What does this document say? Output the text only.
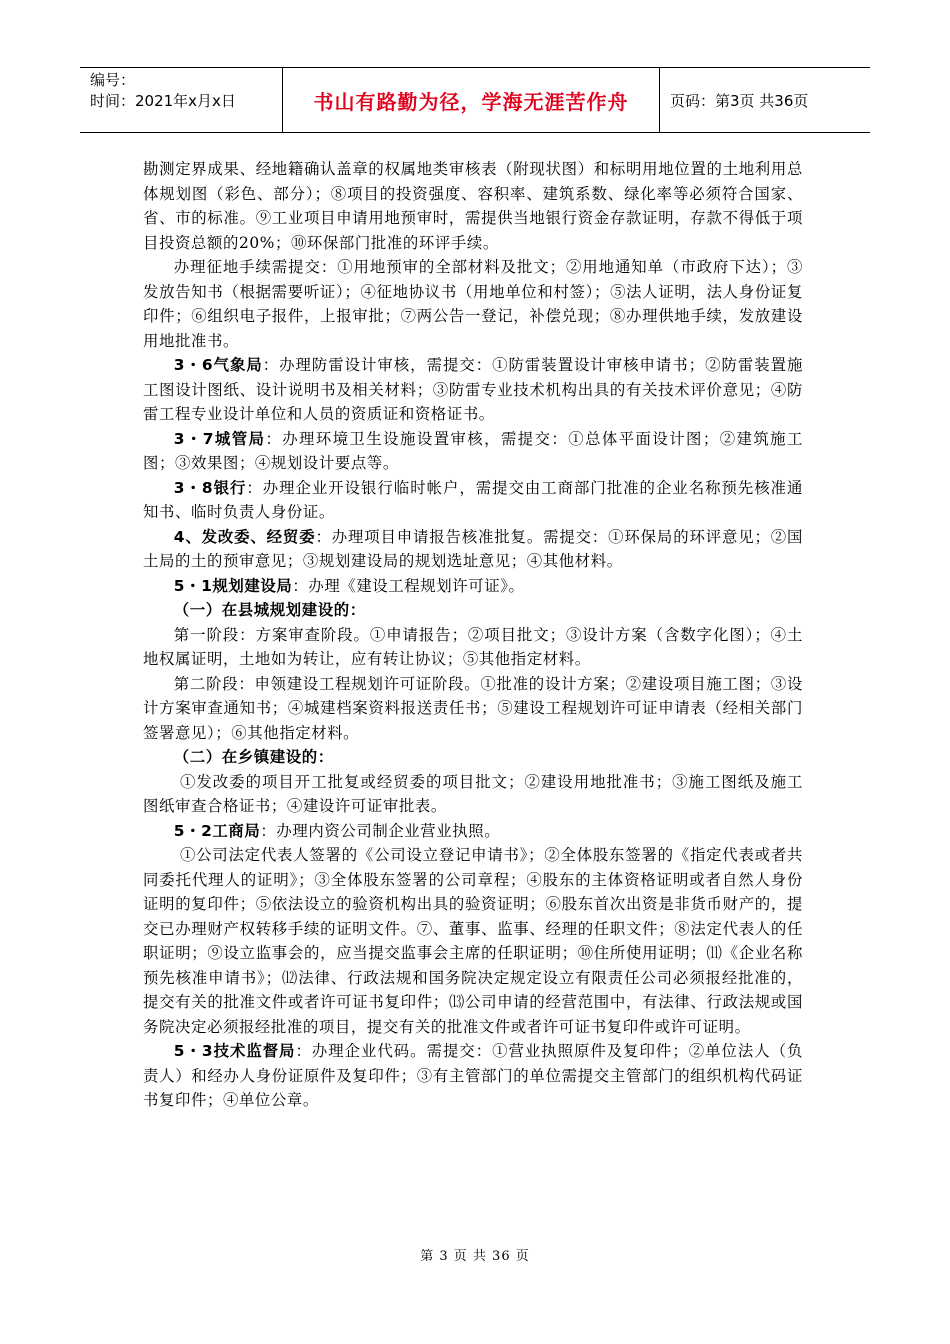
编号：
时间：2021年x月x日	书山有路勤为径，学海无涯苦作舟	页码：第3页 共36页

勘测定界成果、经地籍确认盖章的权属地类审核表（附现状图）和标明用地位置的土地利用总体规划图（彩色、部分）；⑧项目的投资强度、容积率、建筑系数、绿化率等必须符合国家、省、市的标准。⑨工业项目申请用地预审时，需提供当地银行资金存款证明，存款不得低于项目投资总额的20%；⑩环保部门批准的环评手续。

办理征地手续需提交：①用地预审的全部材料及批文；②用地通知单（市政府下达）；③发放告知书（根据需要听证）；④征地协议书（用地单位和村签）；⑤法人证明，法人身份证复印件；⑥组织电子报件，上报审批；⑦两公告一登记，补偿兑现；⑧办理供地手续，发放建设用地批准书。

3・6气象局：办理防雷设计审核，需提交：①防雷装置设计审核申请书；②防雷装置施工图设计图纸、设计说明书及相关材料；③防雷专业技术机构出具的有关技术评价意见；④防雷工程专业设计单位和人员的资质证和资格证书。

3・7城管局：办理环境卫生设施设置审核，需提交：①总体平面设计图；②建筑施工图；③效果图；④规划设计要点等。

3・8银行：办理企业开设银行临时帐户，需提交由工商部门批准的企业名称预先核准通知书、临时负责人身份证。

4、发改委、经贸委：办理项目申请报告核准批复。需提交：①环保局的环评意见；②国土局的土的预审意见；③规划建设局的规划选址意见；④其他材料。

5・1规划建设局：办理《建设工程规划许可证》。

（一）在县城规划建设的：

第一阶段：方案审查阶段。①申请报告；②项目批文；③设计方案（含数字化图）；④土地权属证明，土地如为转让，应有转让协议；⑤其他指定材料。

第二阶段：申领建设工程规划许可证阶段。①批准的设计方案；②建设项目施工图；③设计方案审查通知书；④城建档案资料报送责任书；⑤建设工程规划许可证申请表（经相关部门签署意见）；⑥其他指定材料。

（二）在乡镇建设的：

①发改委的项目开工批复或经贸委的项目批文；②建设用地批准书；③施工图纸及施工图纸审查合格证书；④建设许可证审批表。

5・2工商局：办理内资公司制企业营业执照。

①公司法定代表人签署的《公司设立登记申请书》；②全体股东签署的《指定代表或者共同委托代理人的证明》；③全体股东签署的公司章程；④股东的主体资格证明或者自然人身份证明的复印件；⑤依法设立的验资机构出具的验资证明；⑥股东首次出资是非货币财产的，提交已办理财产权转移手续的证明文件。⑦、董事、监事、经理的任职文件；⑧法定代表人的任职证明；⑨设立监事会的，应当提交监事会主席的任职证明；⑩住所使用证明；⑾《企业名称预先核准申请书》；⑿法律、行政法规和国务院决定规定设立有限责任公司必须报经批准的，提交有关的批准文件或者许可证书复印件；⒀公司申请的经营范围中，有法律、行政法规或国务院决定必须报经批准的项目，提交有关的批准文件或者许可证书复印件或许可证明。

5・3技术监督局：办理企业代码。需提交：①营业执照原件及复印件；②单位法人（负责人）和经办人身份证原件及复印件；③有主管部门的单位需提交主管部门的组织机构代码证书复印件；④单位公章。

第 3 页 共 36 页
